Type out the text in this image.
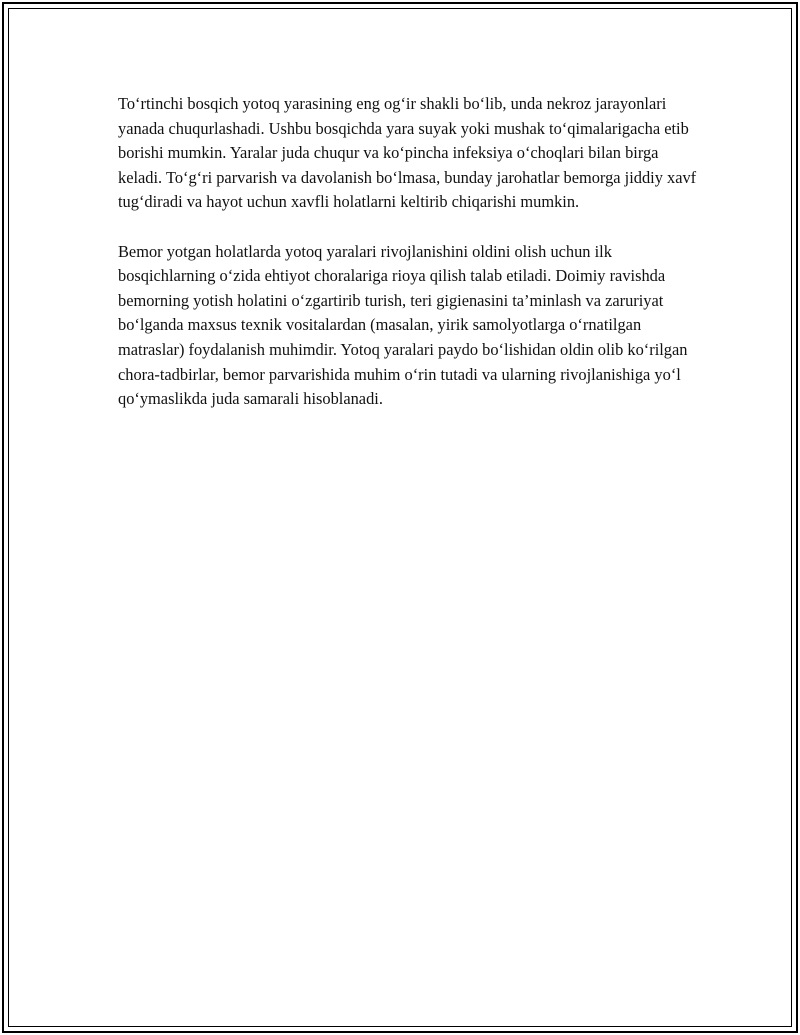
To‘rtinchi bosqich yotoq yarasining eng og‘ir shakli bo‘lib, unda nekroz jarayonlari yanada chuqurlashadi. Ushbu bosqichda yara suyak yoki mushak to‘qimalarigacha etib borishi mumkin. Yaralar juda chuqur va ko‘pincha infeksiya o‘choqlari bilan birga keladi. To‘g‘ri parvarish va davolanish bo‘lmasa, bunday jarohatlar bemorga jiddiy xavf tug‘diradi va hayot uchun xavfli holatlarni keltirib chiqarishi mumkin.

Bemor yotgan holatlarda yotoq yaralari rivojlanishini oldini olish uchun ilk bosqichlarning o‘zida ehtiyot choralariga rioya qilish talab etiladi. Doimiy ravishda bemorning yotish holatini o‘zgartirib turish, teri gigienasini ta’minlash va zaruriyat bo‘lganda maxsus texnik vositalardan (masalan, yirik samolyotlarga o‘rnatilgan matraslar) foydalanish muhimdir. Yotoq yaralari paydo bo‘lishidan oldin olib ko‘rilgan chora-tadbirlar, bemor parvarishida muhim o‘rin tutadi va ularning rivojlanishiga yo‘l qo‘ymaslikda juda samarali hisoblanadi.
